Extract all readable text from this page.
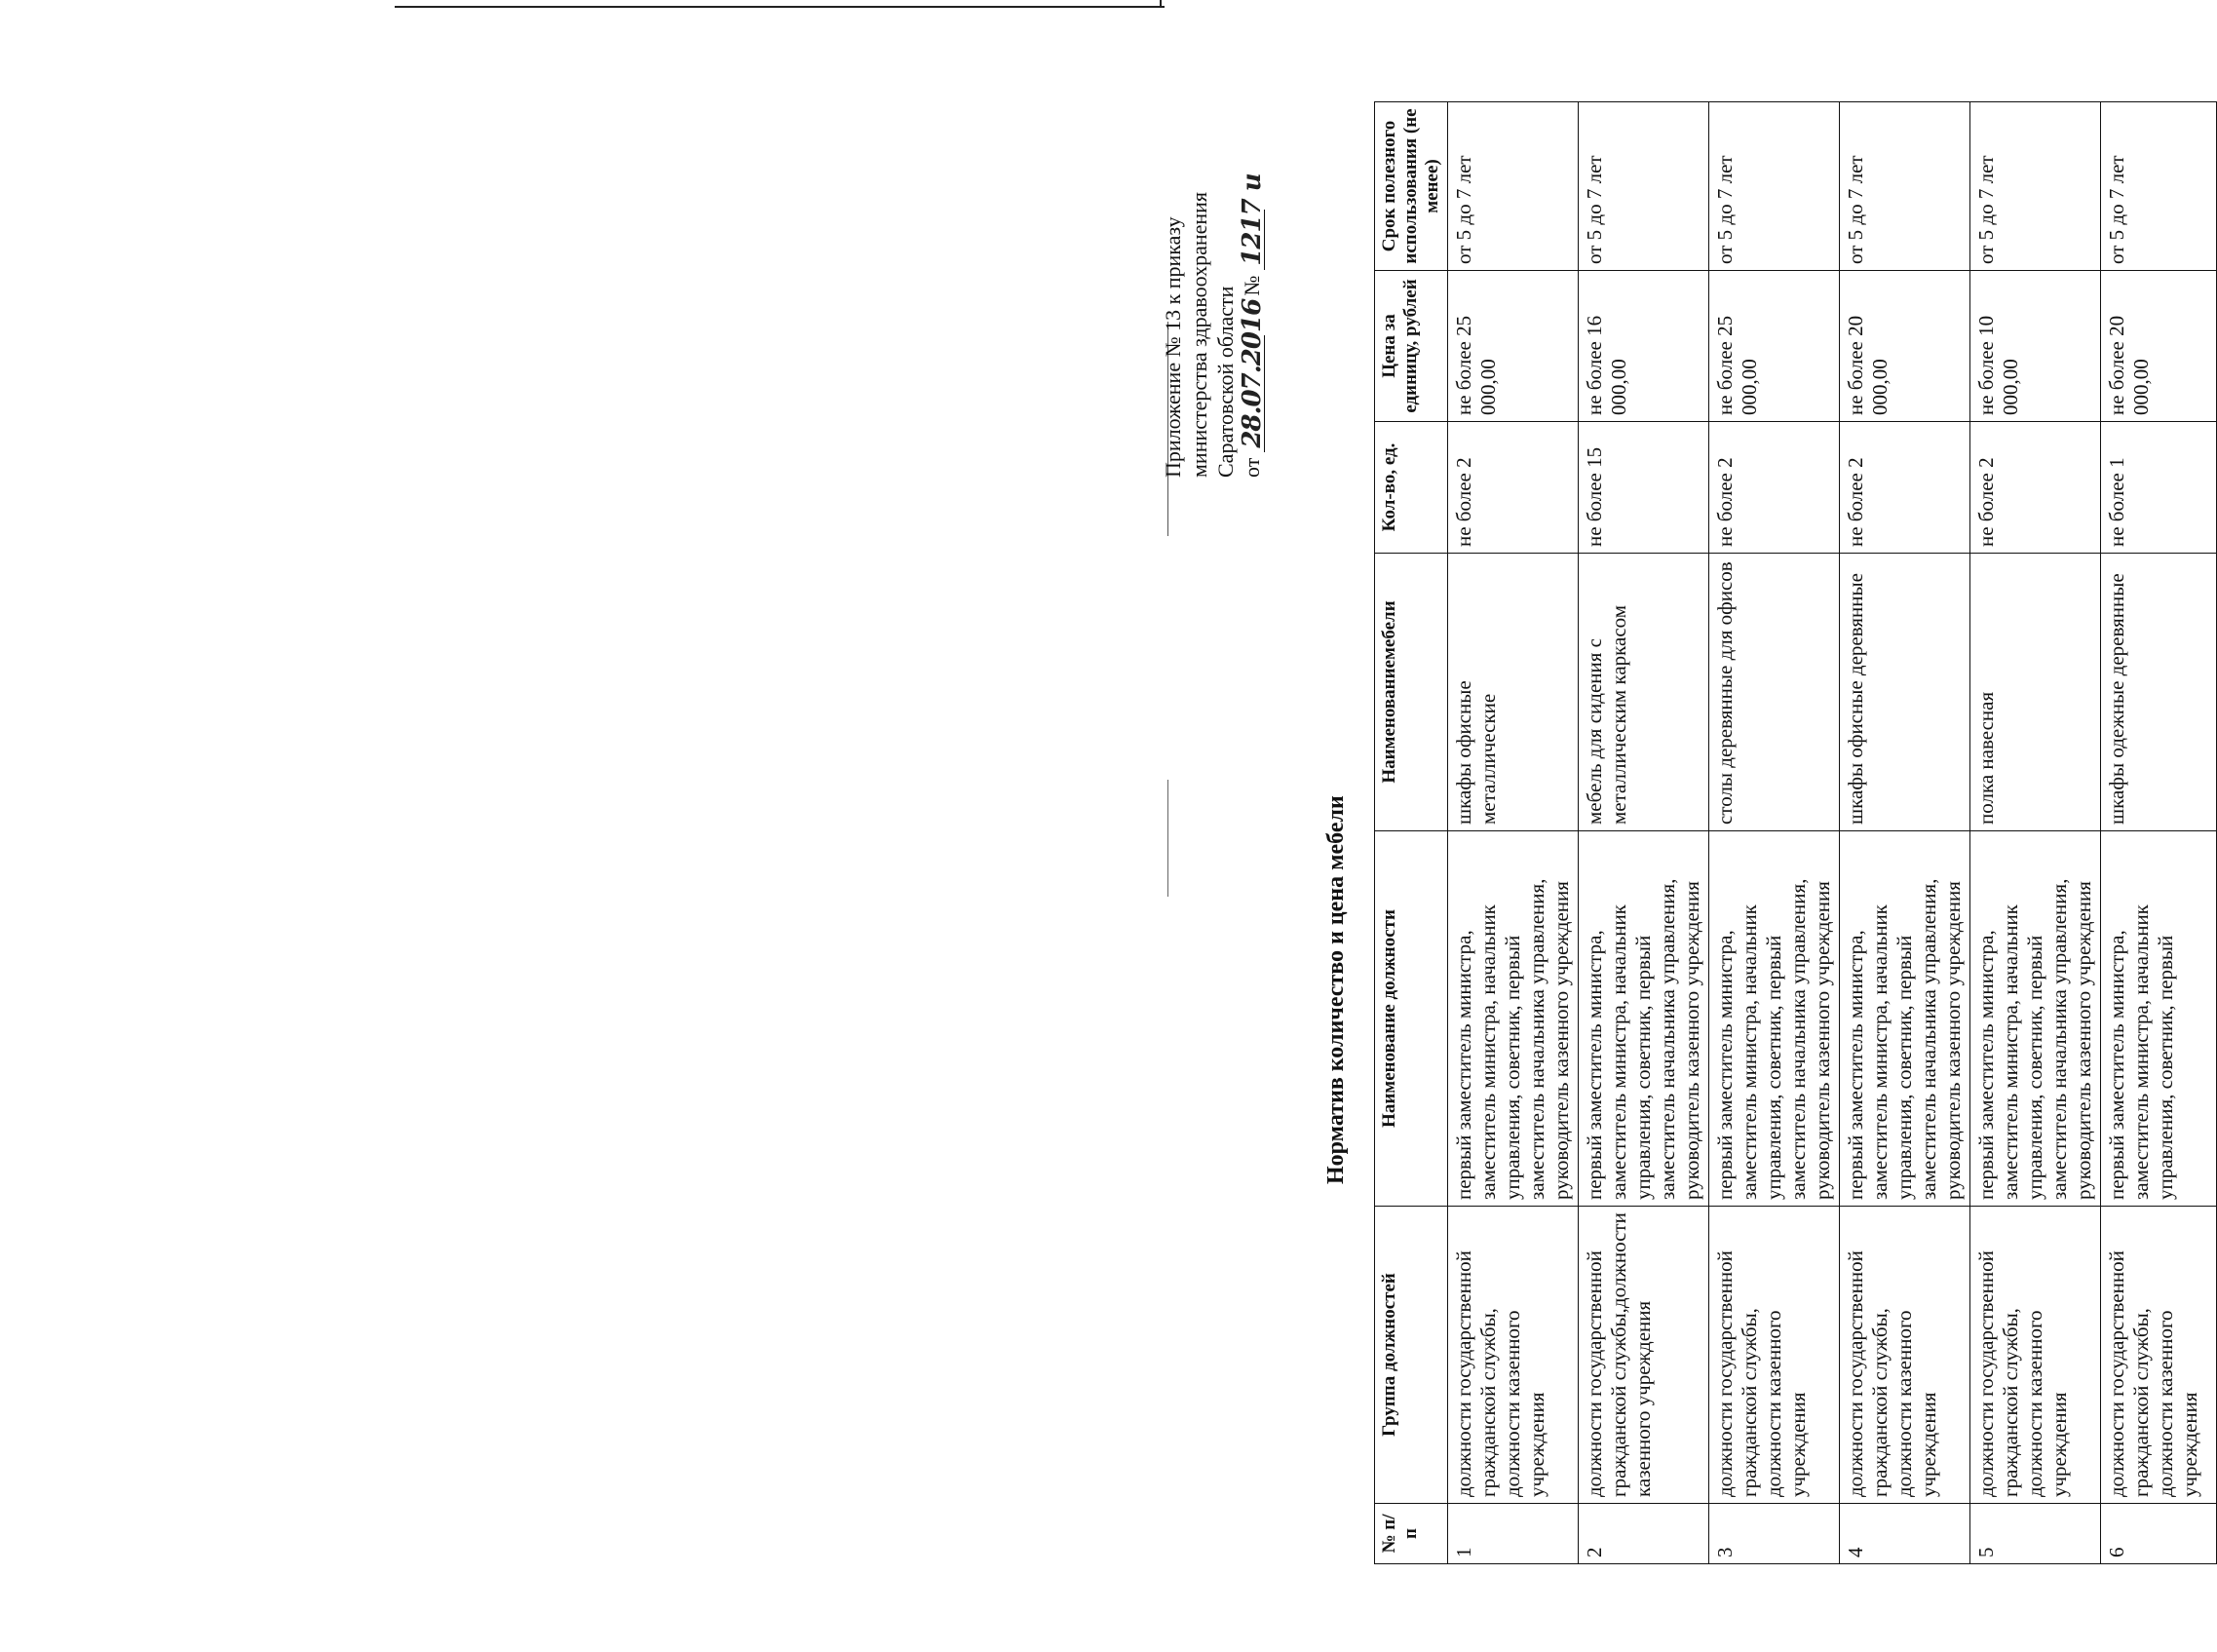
Приложение № 13 к приказу министерства здравоохранения Саратовской области от
28.07.2016
№
1217 и
Норматив количество и цена мебели
№ п/п	Группа должностей	Наименование должности	Наименованиемебели	Кол-во, ед.	Цена за единицу, рублей	Срок полезного использования (не менее)
1	должности государственной гражданской службы, должности казенного учреждения	первый заместитель министра, заместитель министра, начальник управления, советник, первый заместитель начальника управления, руководитель казенного учреждения	шкафы офисные металлические	не более 2	не более 25 000,00	от 5 до 7 лет
2	должности государственной гражданской службы,должности казенного учреждения	первый заместитель министра, заместитель министра, начальник управления, советник, первый заместитель начальника управления, руководитель казенного учреждения	мебель для сидения с металлическим каркасом	не более 15	не более 16 000,00	от 5 до 7 лет
3	должности государственной гражданской службы, должности казенного учреждения	первый заместитель министра, заместитель министра, начальник управления, советник, первый заместитель начальника управления, руководитель казенного учреждения	столы деревянные для офисов	не более 2	не более 25 000,00	от 5 до 7 лет
4	должности государственной гражданской службы, должности казенного учреждения	первый заместитель министра, заместитель министра, начальник управления, советник, первый заместитель начальника управления, руководитель казенного учреждения	шкафы офисные деревянные	не более 2	не более 20 000,00	от 5 до 7 лет
5	должности государственной гражданской службы, должности казенного учреждения	первый заместитель министра, заместитель министра, начальник управления, советник, первый заместитель начальника управления, руководитель казенного учреждения	полка навесная	не более 2	не более 10 000,00	от 5 до 7 лет
6	должности государственной гражданской службы, должности казенного учреждения	первый заместитель министра, заместитель министра, начальник управления, советник, первый	шкафы одежные деревянные	не более 1	не более 20 000,00	от 5 до 7 лет
